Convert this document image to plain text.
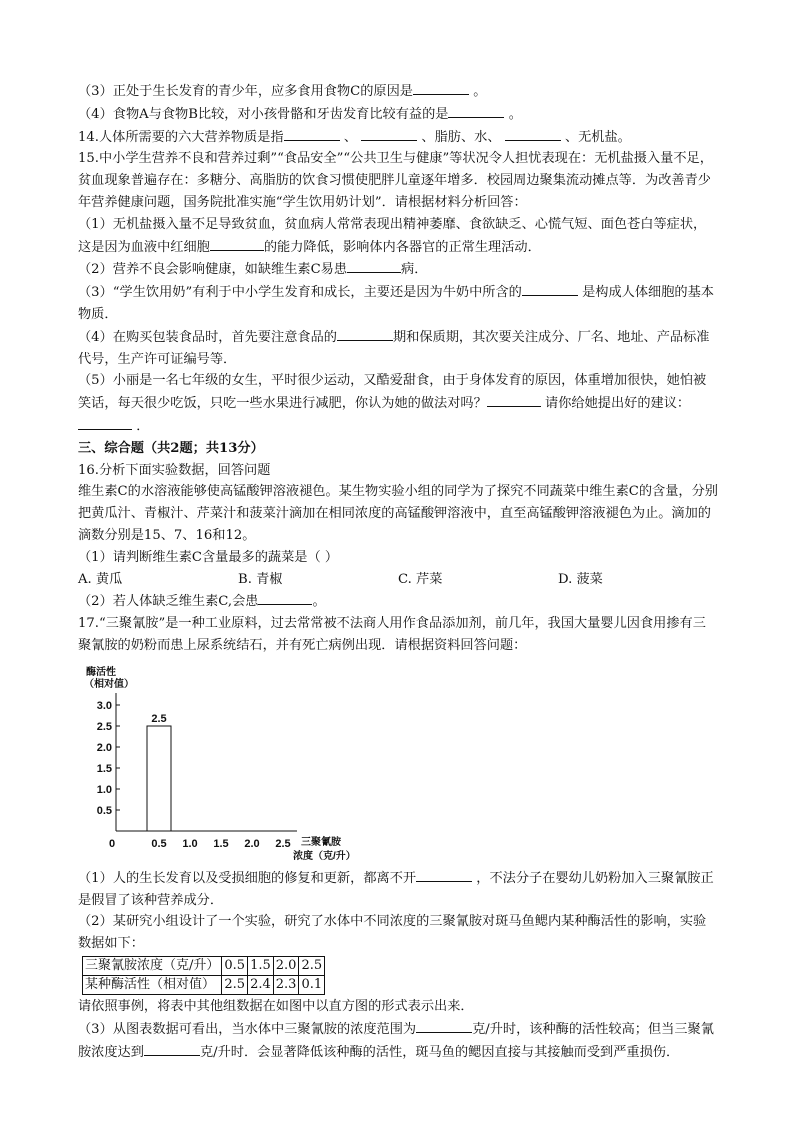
（3）正处于生长发育的青少年，应多食用食物C的原因是	。

（4）食物A与食物B比较，对小孩骨骼和牙齿发育比较有益的是	。

14.人体所需要的六大营养物质是指	、	、脂肪、水、	、无机盐。

15.中小学生营养不良和营养过剩”“食品安全”“公共卫生与健康”等状况令人担忧表现在：无机盐摄入量不足，贫血现象普遍存在：多糖分、高脂肪的饮食习惯使肥胖儿童逐年增多．校园周边聚集流动摊点等．为改善青少年营养健康问题，国务院批准实施“学生饮用奶计划”．请根据材料分析回答：

（1）无机盐摄入量不足导致贫血，贫血病人常常表现出精神萎靡、食欲缺乏、心慌气短、面色苍白等症状，这是因为血液中红细胞	的能力降低，影响体内各器官的正常生理活动．

（2）营养不良会影响健康，如缺维生素C易患	病．

（3）“学生饮用奶”有利于中小学生发育和成长，主要还是因为牛奶中所含的	是构成人体细胞的基本物质．

（4）在购买包装食品时，首先要注意食品的	期和保质期，其次要关注成分、厂名、地址、产品标准代号，生产许可证编号等．

（5）小丽是一名七年级的女生，平时很少运动，又酷爱甜食，由于身体发育的原因，体重增加很快，她怕被笑话，每天很少吃饭，只吃一些水果进行减肥，你认为她的做法对吗？	请你给她提出好的建议： ．

三、综合题（共2题；共13分）

16.分析下面实验数据，回答问题

维生素C的水溶液能够使高锰酸钾溶液褪色。某生物实验小组的同学为了探究不同蔬菜中维生素C的含量，分别把黄瓜汁、青椒汁、芹菜汁和菠菜汁滴加在相同浓度的高锰酸钾溶液中，直至高锰酸钾溶液褪色为止。滴加的滴数分别是15、7、16和12。

（1）请判断维生素C含量最多的蔬菜是（ ）

A. 黄瓜	B. 青椒	C. 芹菜	D. 菠菜

（2）若人体缺乏维生素C,会患	。

17.“三聚氰胺”是一种工业原料，过去常常被不法商人用作食品添加剂，前几年，我国大量婴儿因食用掺有三聚氰胺的奶粉而患上尿系统结石，并有死亡病例出现．请根据资料回答问题：

0.5
1.0
1.5
2.0
2.5
3.0
0	0.5 1.0 1.5 2.0 2.5
酶活性
（相对值）
三聚氰胺
浓度（克/升）
2.5

（1）人的生长发育以及受损细胞的修复和更新，都离不开	，不法分子在婴幼儿奶粉加入三聚氰胺正是假冒了该种营养成分．

（2）某研究小组设计了一个实验，研究了水体中不同浓度的三聚氰胺对斑马鱼鳃内某种酶活性的影响，实验数据如下：

三聚氰胺浓度（克/升）	0.5	1.5	2.0	2.5
某种酶活性（相对值）	2.5	2.4	2.3	0.1

请依照事例，将表中其他组数据在如图中以直方图的形式表示出来．

（3）从图表数据可看出，当水体中三聚氰胺的浓度范围为	克/升时，该种酶的活性较高；但当三聚氰胺浓度达到	克/升时．会显著降低该种酶的活性，斑马鱼的鳃因直接与其接触而受到严重损伤．
